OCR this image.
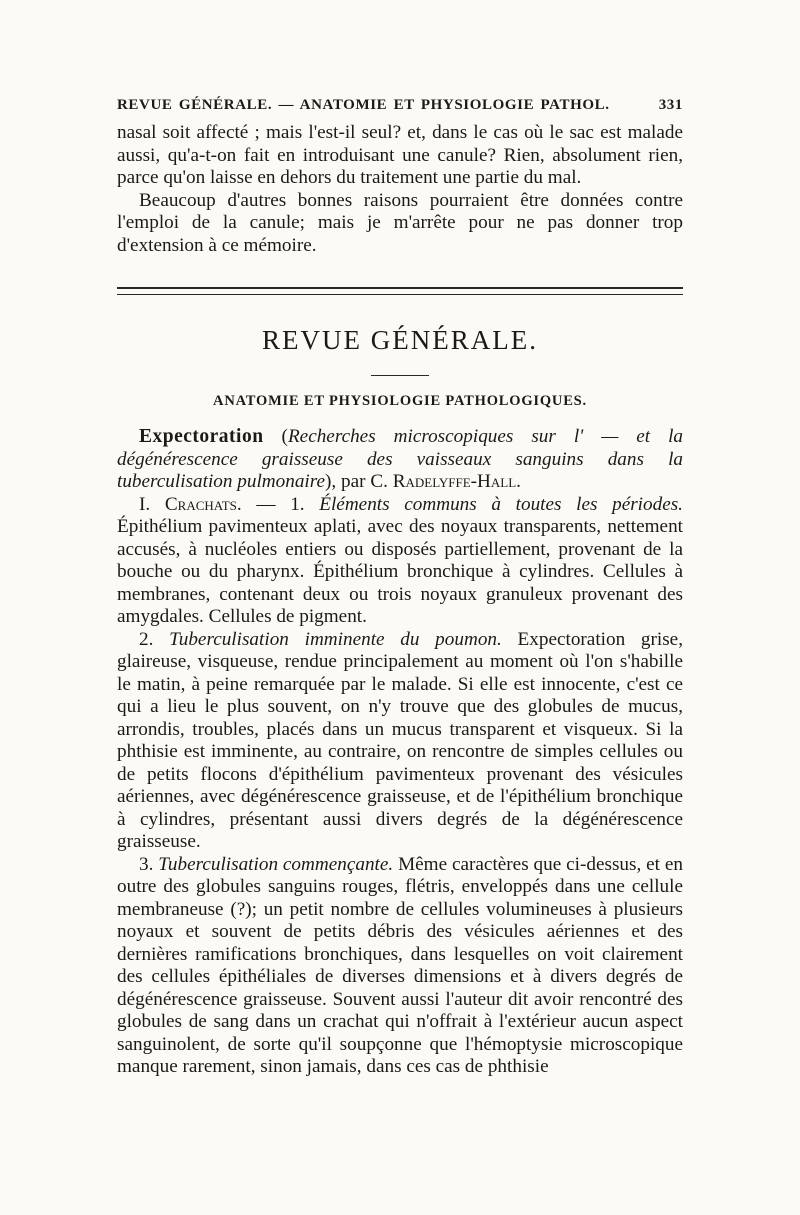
REVUE GÉNÉRALE. — ANATOMIE ET PHYSIOLOGIE PATHOL.	331

nasal soit affecté ; mais l'est-il seul? et, dans le cas où le sac est malade aussi, qu'a-t-on fait en introduisant une canule? Rien, absolument rien, parce qu'on laisse en dehors du traitement une partie du mal.

Beaucoup d'autres bonnes raisons pourraient être données contre l'emploi de la canule; mais je m'arrête pour ne pas donner trop d'extension à ce mémoire.

REVUE GÉNÉRALE.
ANATOMIE ET PHYSIOLOGIE PATHOLOGIQUES.

Expectoration (Recherches microscopiques sur l' — et la dégénérescence graisseuse des vaisseaux sanguins dans la tuberculisation pulmonaire), par C. Radelyffe-Hall.

I. Crachats. — 1. Éléments communs à toutes les périodes. Épithélium pavimenteux aplati, avec des noyaux transparents, nettement accusés, à nucléoles entiers ou disposés partiellement, provenant de la bouche ou du pharynx. Épithélium bronchique à cylindres. Cellules à membranes, contenant deux ou trois noyaux granuleux provenant des amygdales. Cellules de pigment.

2. Tuberculisation imminente du poumon. Expectoration grise, glaireuse, visqueuse, rendue principalement au moment où l'on s'habille le matin, à peine remarquée par le malade. Si elle est innocente, c'est ce qui a lieu le plus souvent, on n'y trouve que des globules de mucus, arrondis, troubles, placés dans un mucus transparent et visqueux. Si la phthisie est imminente, au contraire, on rencontre de simples cellules ou de petits flocons d'épithélium pavimenteux provenant des vésicules aériennes, avec dégénérescence graisseuse, et de l'épithélium bronchique à cylindres, présentant aussi divers degrés de la dégénérescence graisseuse.

3. Tuberculisation commençante. Même caractères que ci-dessus, et en outre des globules sanguins rouges, flétris, enveloppés dans une cellule membraneuse (?); un petit nombre de cellules volumineuses à plusieurs noyaux et souvent de petits débris des vésicules aériennes et des dernières ramifications bronchiques, dans lesquelles on voit clairement des cellules épithéliales de diverses dimensions et à divers degrés de dégénérescence graisseuse. Souvent aussi l'auteur dit avoir rencontré des globules de sang dans un crachat qui n'offrait à l'extérieur aucun aspect sanguinolent, de sorte qu'il soupçonne que l'hémoptysie microscopique manque rarement, sinon jamais, dans ces cas de phthisie
